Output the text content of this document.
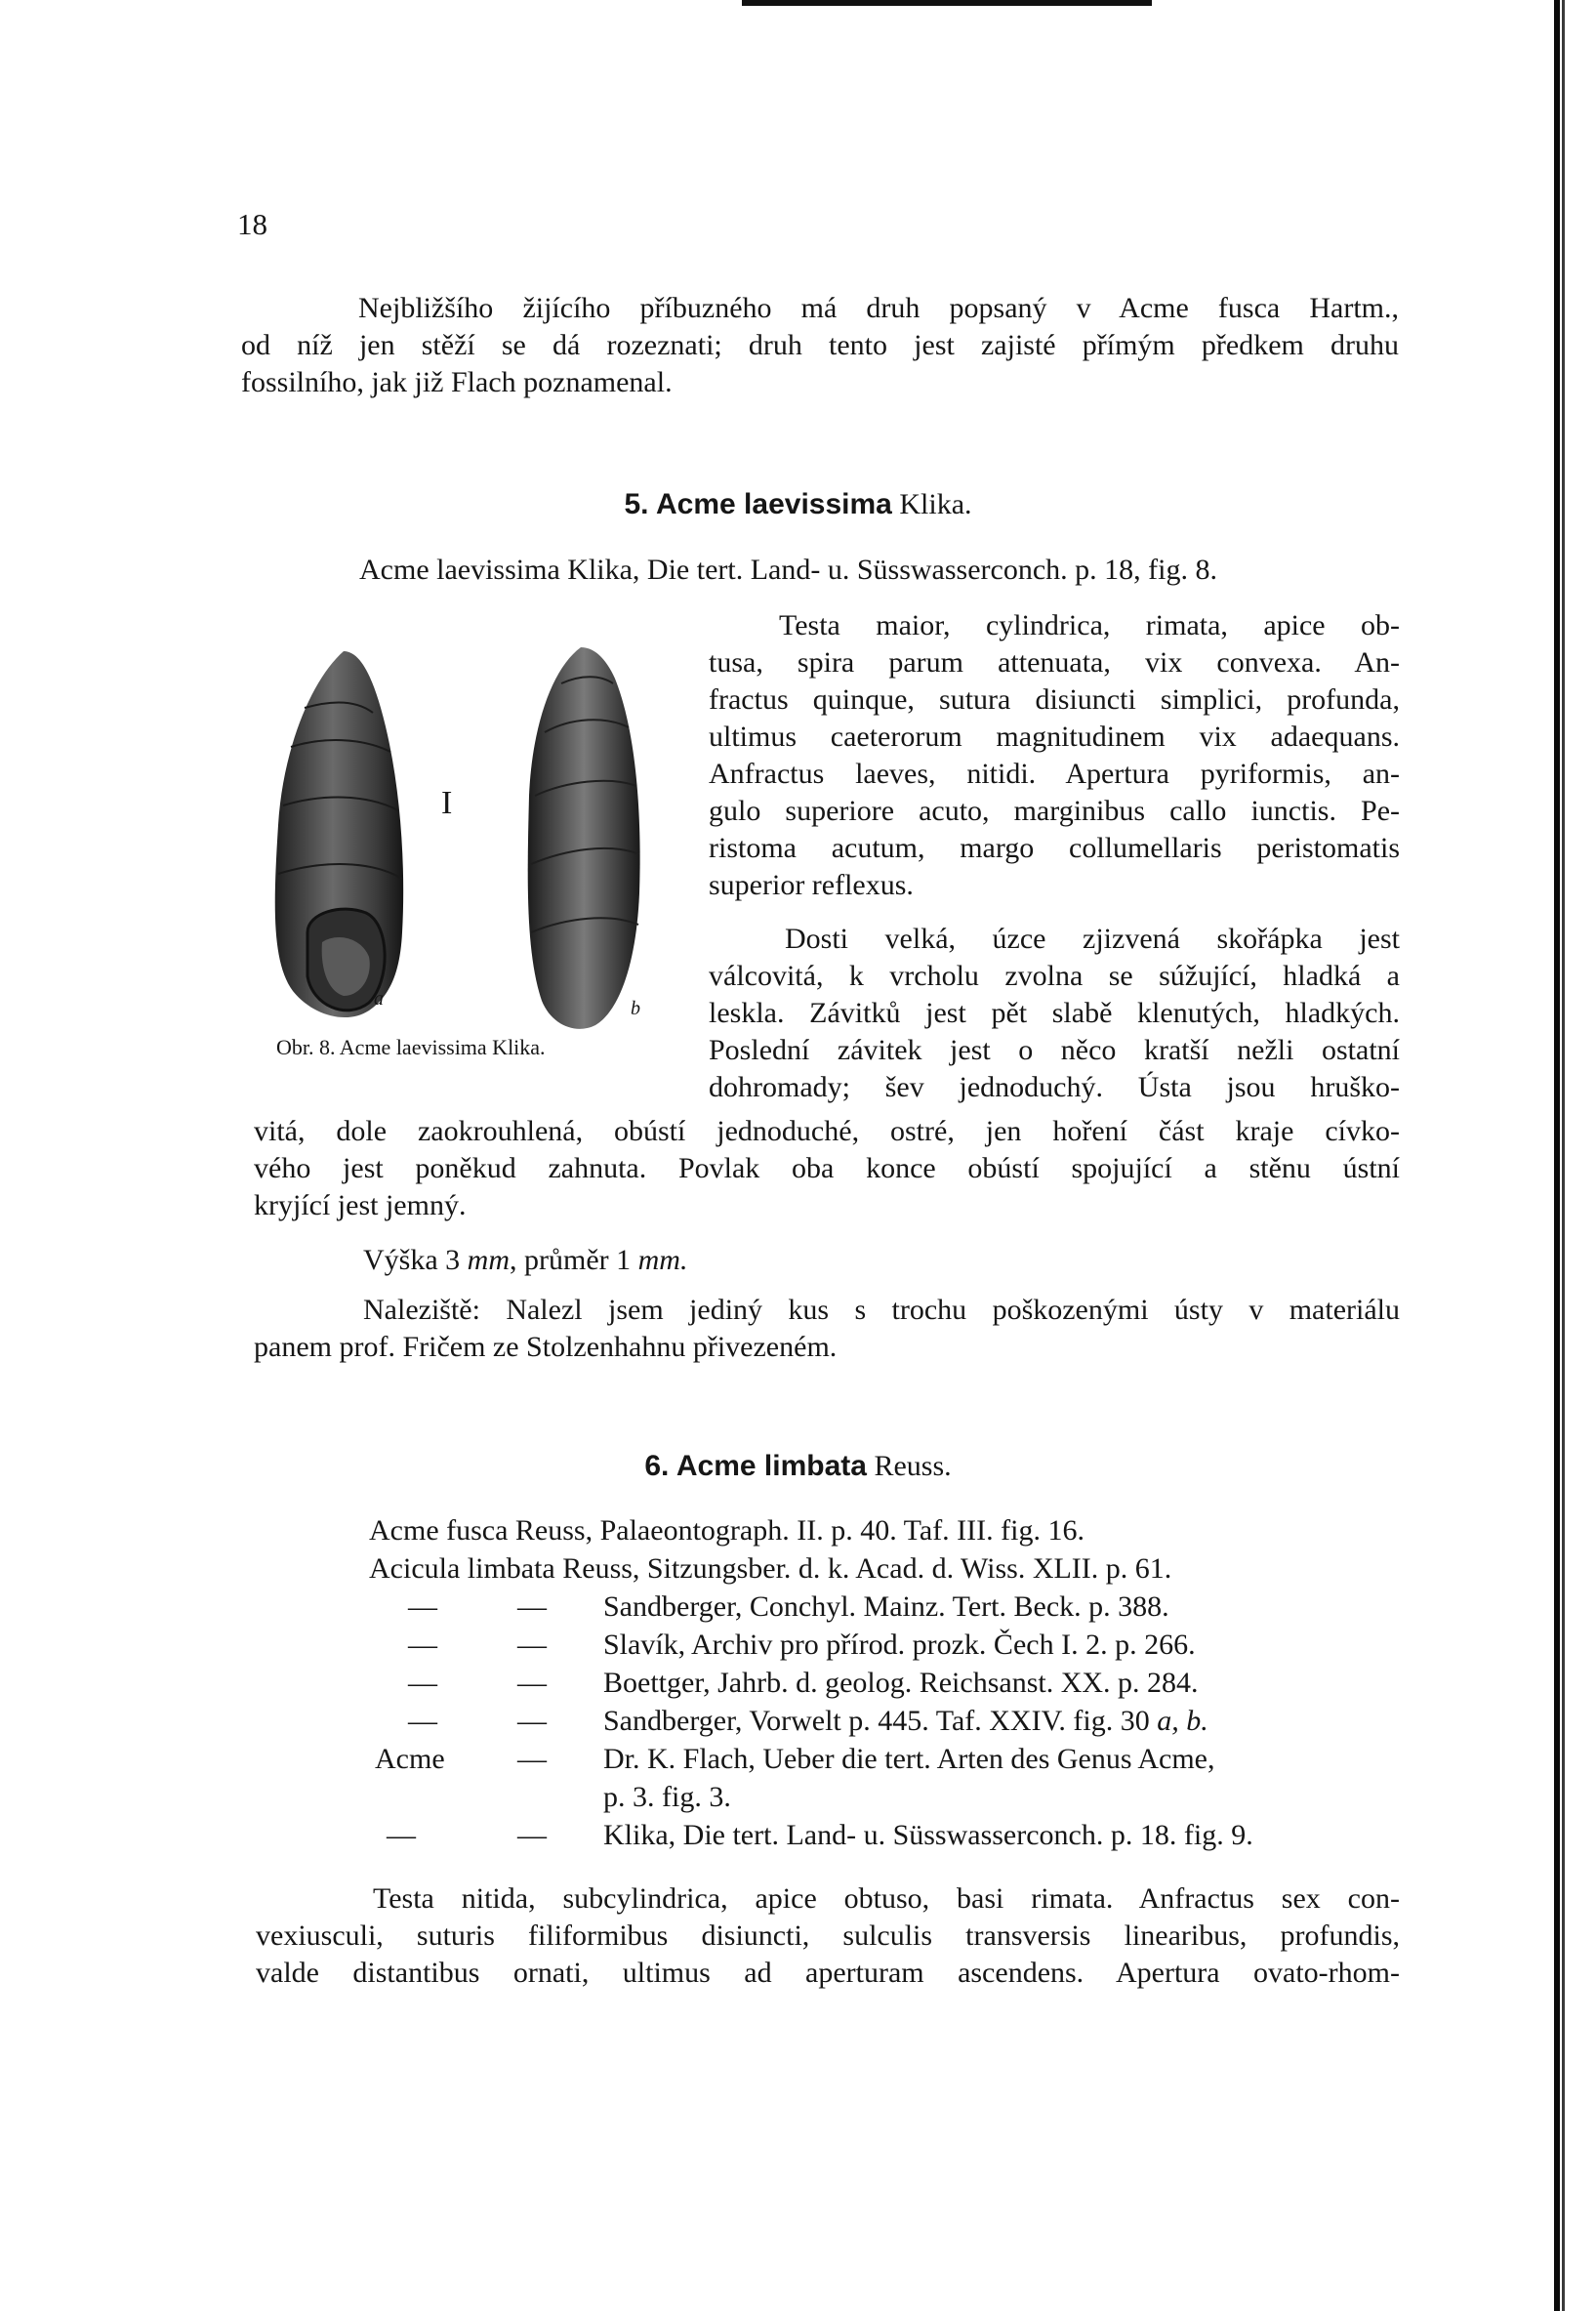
18
Nejbližšího žijícího příbuzného má druh popsaný v Acme fusca Hartm.,
od níž jen stěží se dá rozeznati; druh tento jest zajisté přímým předkem druhu
fossilního, jak již Flach poznamenal.
5. Acme laevissima Klika.
Acme laevissima Klika, Die tert. Land- u. Süsswasserconch. p. 18, fig. 8.
I
a	b
Obr. 8. Acme laevissima Klika.
Testa maior, cylindrica, rimata, apice ob-
tusa, spira parum attenuata, vix convexa. An-
fractus quinque, sutura disiuncti simplici, profunda,
ultimus caeterorum magnitudinem vix adaequans.
Anfractus laeves, nitidi. Apertura pyriformis, an-
gulo superiore acuto, marginibus callo iunctis. Pe-
ristoma acutum, margo collumellaris peristomatis
superior reflexus.
Dosti velká, úzce zjizvená skořápka jest
válcovitá, k vrcholu zvolna se súžující, hladká a
leskla. Závitků jest pět slabě klenutých, hladkých.
Poslední závitek jest o něco kratší nežli ostatní
dohromady; šev jednoduchý. Ústa jsou hruško-
vitá, dole zaokrouhlená, obústí jednoduché, ostré, jen hoření část kraje cívko-
vého jest poněkud zahnuta. Povlak oba konce obústí spojující a stěnu ústní
kryjící jest jemný.
Výška 3 mm, průměr 1 mm.
Naleziště: Nalezl jsem jediný kus s trochu poškozenými ústy v materiálu
panem prof. Fričem ze Stolzenhahnu přivezeném.
6. Acme limbata Reuss.
Acme fusca Reuss, Palaeontograph. II. p. 40. Taf. III. fig. 16.
Acicula limbata Reuss, Sitzungsber. d. k. Acad. d. Wiss. XLII. p. 61.
—	— Sandberger, Conchyl. Mainz. Tert. Beck. p. 388.
—	— Slavík, Archiv pro přírod. prozk. Čech I. 2. p. 266.
—	— Boettger, Jahrb. d. geolog. Reichsanst. XX. p. 284.
—	— Sandberger, Vorwelt p. 445. Taf. XXIV. fig. 30 a, b.
Acme — Dr. K. Flach, Ueber die tert. Arten des Genus Acme,
p. 3. fig. 3.
—	— Klika, Die tert. Land- u. Süsswasserconch. p. 18. fig. 9.
Testa nitida, subcylindrica, apice obtuso, basi rimata. Anfractus sex con-
vexiusculi, suturis filiformibus disiuncti, sulculis transversis linearibus, profundis,
valde distantibus ornati, ultimus ad aperturam ascendens. Apertura ovato-rhom-
